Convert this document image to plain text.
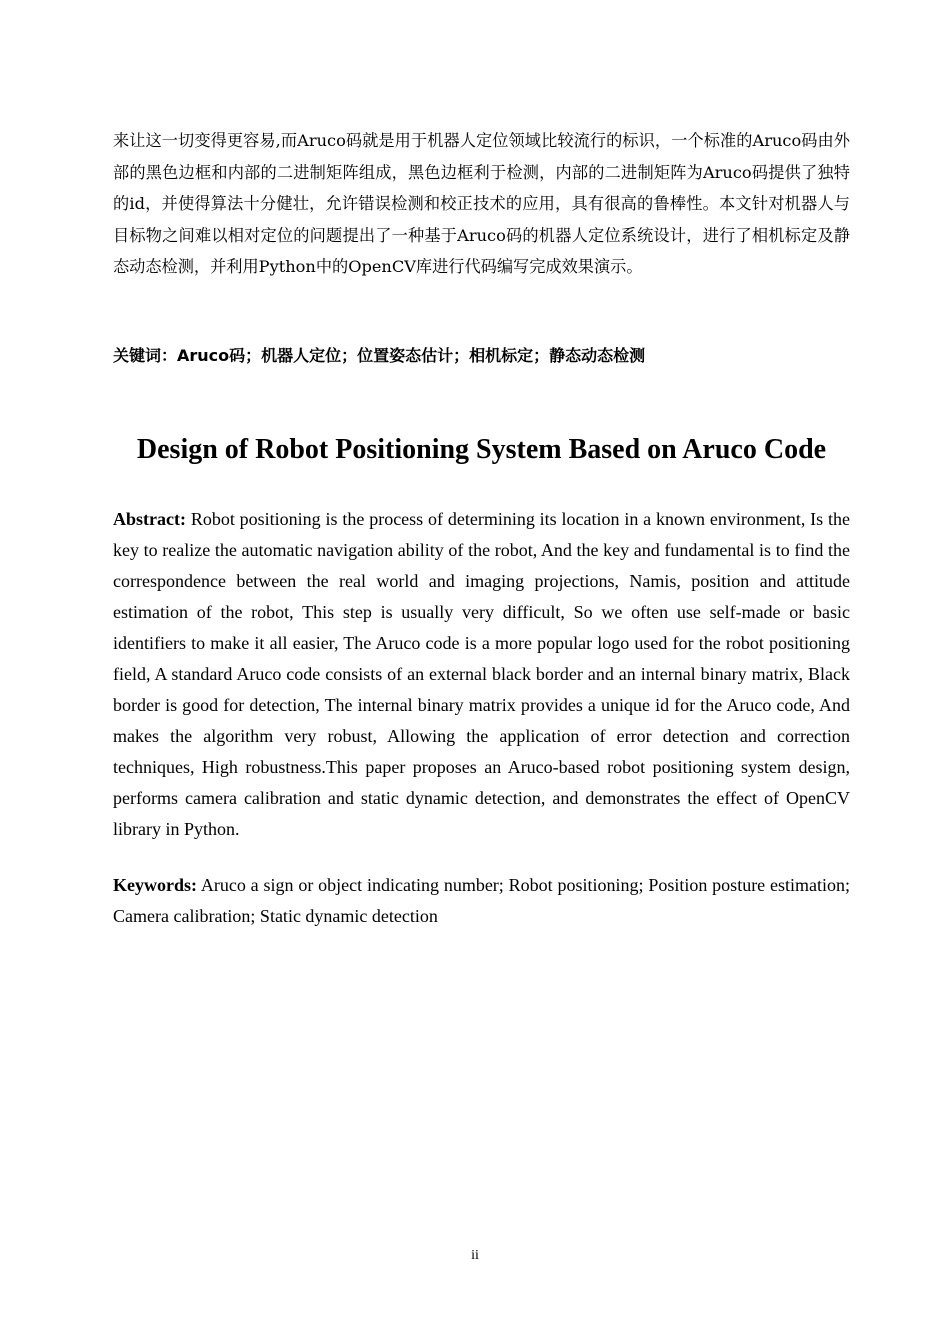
来让这一切变得更容易,而Aruco码就是用于机器人定位领域比较流行的标识，一个标准的Aruco码由外部的黑色边框和内部的二进制矩阵组成，黑色边框利于检测，内部的二进制矩阵为Aruco码提供了独特的id，并使得算法十分健壮，允许错误检测和校正技术的应用，具有很高的鲁棒性。本文针对机器人与目标物之间难以相对定位的问题提出了一种基于Aruco码的机器人定位系统设计，进行了相机标定及静态动态检测，并利用Python中的OpenCV库进行代码编写完成效果演示。

关键词：Aruco码；机器人定位；位置姿态估计；相机标定；静态动态检测

Design of Robot Positioning System Based on Aruco Code

Abstract: Robot positioning is the process of determining its location in a known environment, Is the key to realize the automatic navigation ability of the robot, And the key and fundamental is to find the correspondence between the real world and imaging projections, Namis, position and attitude estimation of the robot, This step is usually very difficult, So we often use self-made or basic identifiers to make it all easier, The Aruco code is a more popular logo used for the robot positioning field, A standard Aruco code consists of an external black border and an internal binary matrix, Black border is good for detection, The internal binary matrix provides a unique id for the Aruco code, And makes the algorithm very robust, Allowing the application of error detection and correction techniques, High robustness.This paper proposes an Aruco-based robot positioning system design, performs camera calibration and static dynamic detection, and demonstrates the effect of OpenCV library in Python.

Keywords: Aruco a sign or object indicating number; Robot positioning; Position posture estimation; Camera calibration; Static dynamic detection

ii
